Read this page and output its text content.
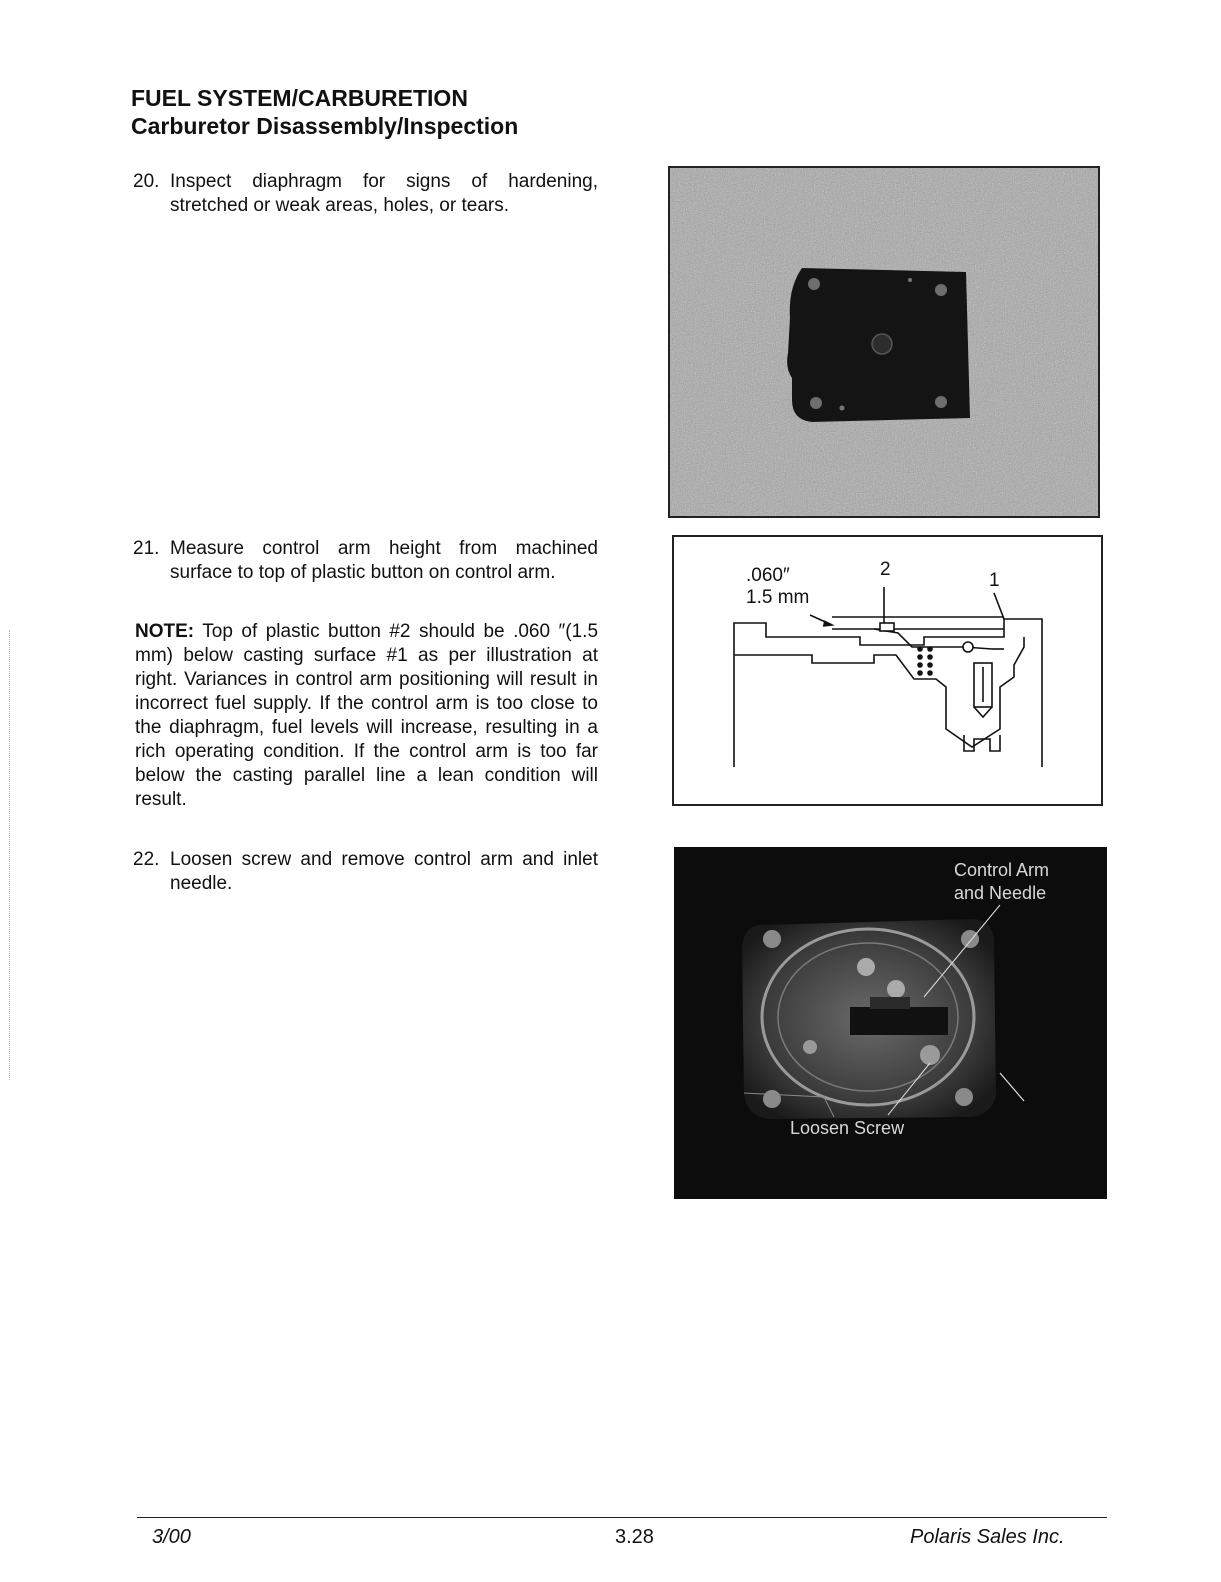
FUEL SYSTEM/CARBURETION
Carburetor Disassembly/Inspection
20. Inspect diaphragm for signs of hardening, stretched or weak areas, holes, or tears.
21. Measure control arm height from machined surface to top of plastic button on control arm.
NOTE: Top of plastic button #2 should be .060 ″(1.5 mm) below casting surface #1 as per illustration at right. Variances in control arm positioning will result in incorrect fuel supply. If the control arm is too close to the diaphragm, fuel levels will increase, resulting in a rich operating condition. If the control arm is too far below the casting parallel line a lean condition will result.
22. Loosen screw and remove control arm and inlet needle.
.060″
1.5 mm
2
1
Control Arm
and Needle
Loosen Screw
3/00	3.28	Polaris Sales Inc.
